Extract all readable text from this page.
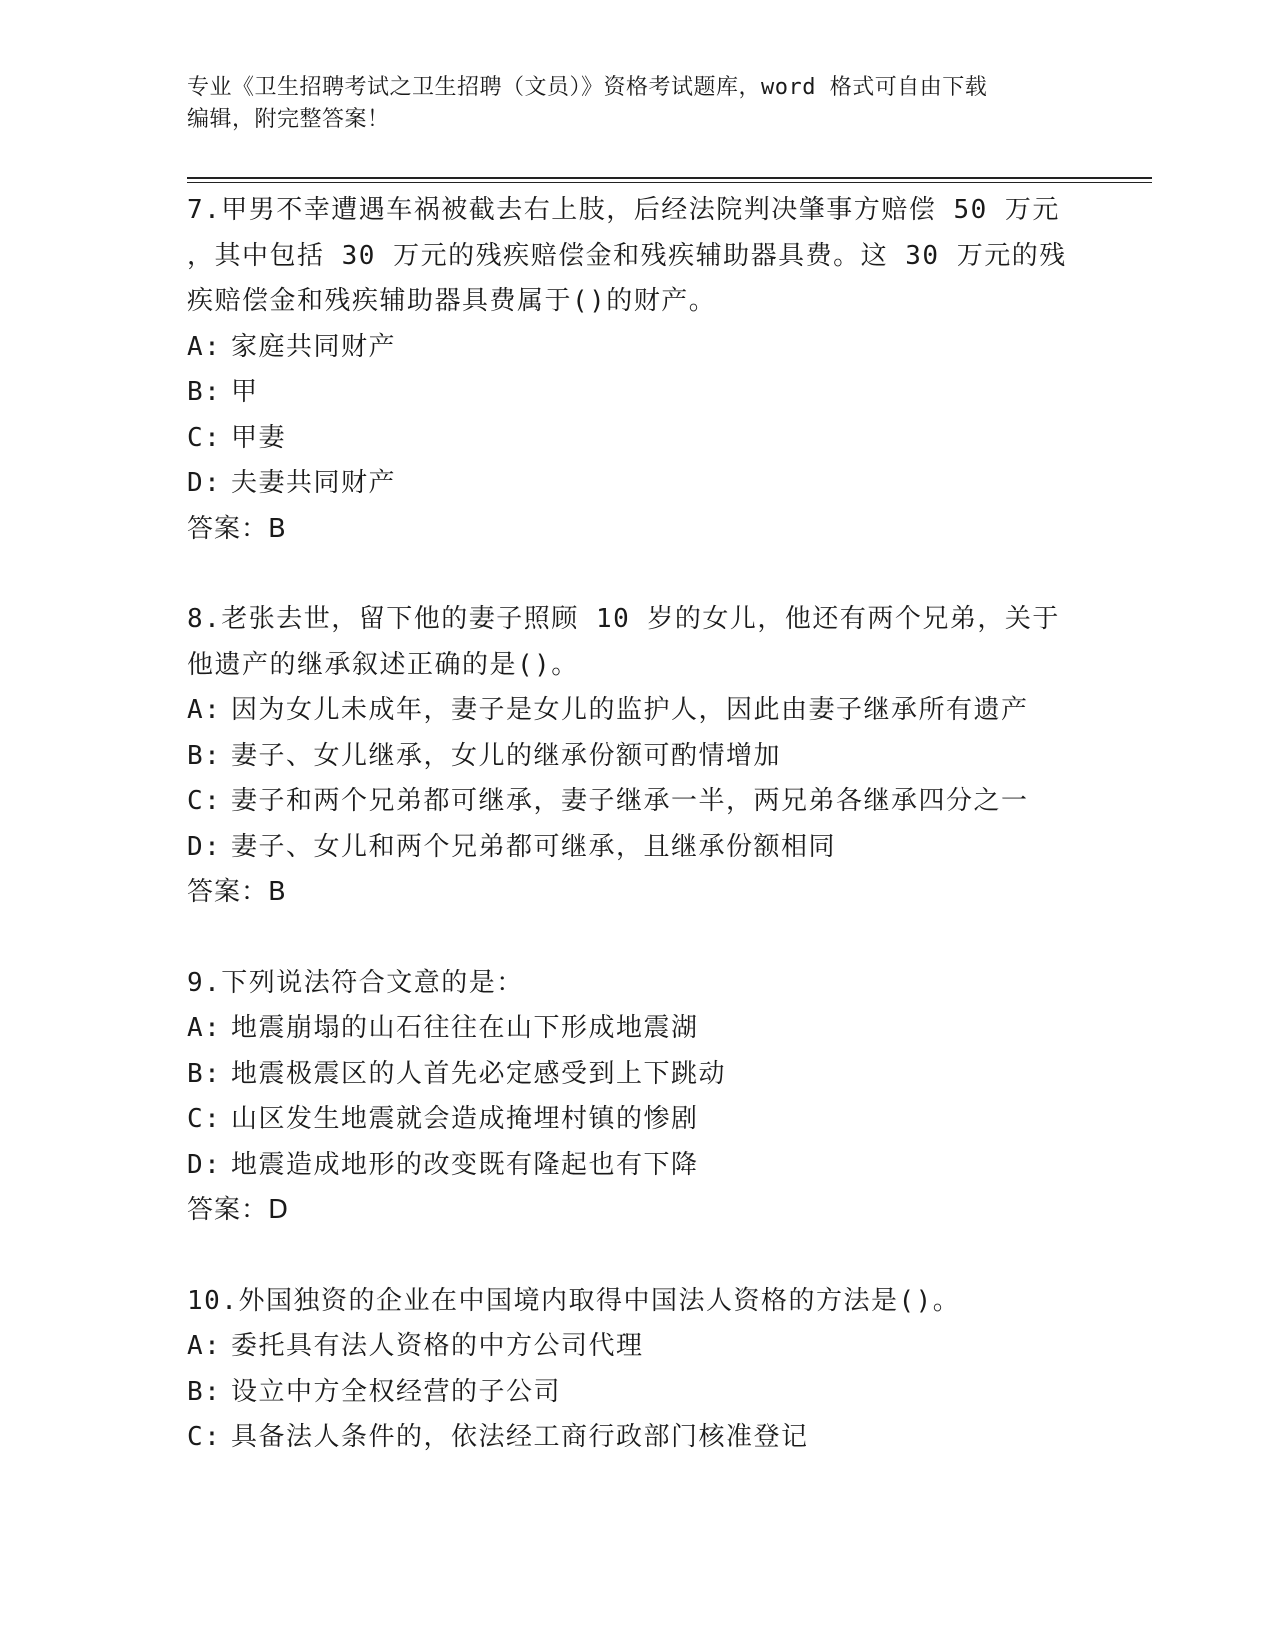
专业《卫生招聘考试之卫生招聘（文员）》资格考试题库，word 格式可自由下载
编辑，附完整答案！

7.甲男不幸遭遇车祸被截去右上肢，后经法院判决肇事方赔偿 50 万元

，其中包括 30 万元的残疾赔偿金和残疾辅助器具费。这 30 万元的残

疾赔偿金和残疾辅助器具费属于()的财产。

A: 家庭共同财产

B: 甲

C: 甲妻

D: 夫妻共同财产

答案：B

8.老张去世，留下他的妻子照顾 10 岁的女儿，他还有两个兄弟，关于

他遗产的继承叙述正确的是()。

A: 因为女儿未成年，妻子是女儿的监护人，因此由妻子继承所有遗产

B: 妻子、女儿继承，女儿的继承份额可酌情增加

C: 妻子和两个兄弟都可继承，妻子继承一半，两兄弟各继承四分之一

D: 妻子、女儿和两个兄弟都可继承，且继承份额相同

答案：B

9.下列说法符合文意的是：

A: 地震崩塌的山石往往在山下形成地震湖

B: 地震极震区的人首先必定感受到上下跳动

C: 山区发生地震就会造成掩埋村镇的惨剧

D: 地震造成地形的改变既有隆起也有下降

答案：D

10.外国独资的企业在中国境内取得中国法人资格的方法是()。

A: 委托具有法人资格的中方公司代理

B: 设立中方全权经营的子公司

C: 具备法人条件的，依法经工商行政部门核准登记
